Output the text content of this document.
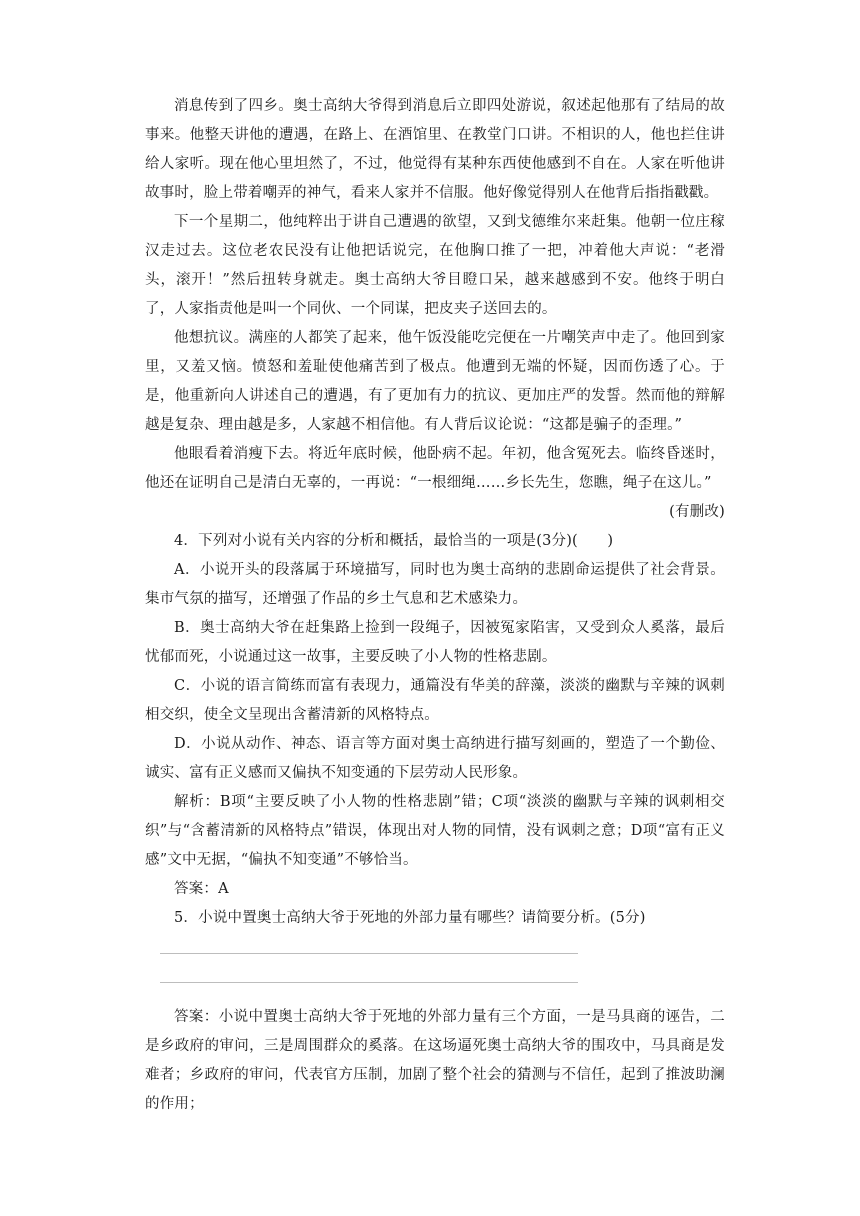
消息传到了四乡。奥士高纳大爷得到消息后立即四处游说，叙述起他那有了结局的故事来。他整天讲他的遭遇，在路上、在酒馆里、在教堂门口讲。不相识的人，他也拦住讲给人家听。现在他心里坦然了，不过，他觉得有某种东西使他感到不自在。人家在听他讲故事时，脸上带着嘲弄的神气，看来人家并不信服。他好像觉得别人在他背后指指戳戳。

下一个星期二，他纯粹出于讲自己遭遇的欲望，又到戈德维尔来赶集。他朝一位庄稼汉走过去。这位老农民没有让他把话说完，在他胸口推了一把，冲着他大声说：“老滑头，滚开！”然后扭转身就走。奥士高纳大爷目瞪口呆，越来越感到不安。他终于明白了，人家指责他是叫一个同伙、一个同谋，把皮夹子送回去的。

他想抗议。满座的人都笑了起来，他午饭没能吃完便在一片嘲笑声中走了。他回到家里，又羞又恼。愤怒和羞耻使他痛苦到了极点。他遭到无端的怀疑，因而伤透了心。于是，他重新向人讲述自己的遭遇，有了更加有力的抗议、更加庄严的发誓。然而他的辩解越是复杂、理由越是多，人家越不相信他。有人背后议论说：“这都是骗子的歪理。”

他眼看着消瘦下去。将近年底时候，他卧病不起。年初，他含冤死去。临终昏迷时，他还在证明自己是清白无辜的，一再说：“一根细绳……乡长先生，您瞧，绳子在这儿。”

(有删改)

4．下列对小说有关内容的分析和概括，最恰当的一项是(3分)(　　)

A．小说开头的段落属于环境描写，同时也为奥士高纳的悲剧命运提供了社会背景。集市气氛的描写，还增强了作品的乡土气息和艺术感染力。

B．奥士高纳大爷在赶集路上捡到一段绳子，因被冤家陷害，又受到众人奚落，最后忧郁而死，小说通过这一故事，主要反映了小人物的性格悲剧。

C．小说的语言简练而富有表现力，通篇没有华美的辞藻，淡淡的幽默与辛辣的讽刺相交织，使全文呈现出含蓄清新的风格特点。

D．小说从动作、神态、语言等方面对奥士高纳进行描写刻画的，塑造了一个勤俭、诚实、富有正义感而又偏执不知变通的下层劳动人民形象。

解析：B项“主要反映了小人物的性格悲剧”错；C项“淡淡的幽默与辛辣的讽刺相交织”与“含蓄清新的风格特点”错误，体现出对人物的同情，没有讽刺之意；D项“富有正义感”文中无据，“偏执不知变通”不够恰当。

答案：A

5．小说中置奥士高纳大爷于死地的外部力量有哪些？请简要分析。(5分)

答案：小说中置奥士高纳大爷于死地的外部力量有三个方面，一是马具商的诬告，二是乡政府的审问，三是周围群众的奚落。在这场逼死奥士高纳大爷的围攻中，马具商是发难者；乡政府的审问，代表官方压制，加剧了整个社会的猜测与不信任，起到了推波助澜的作用；
